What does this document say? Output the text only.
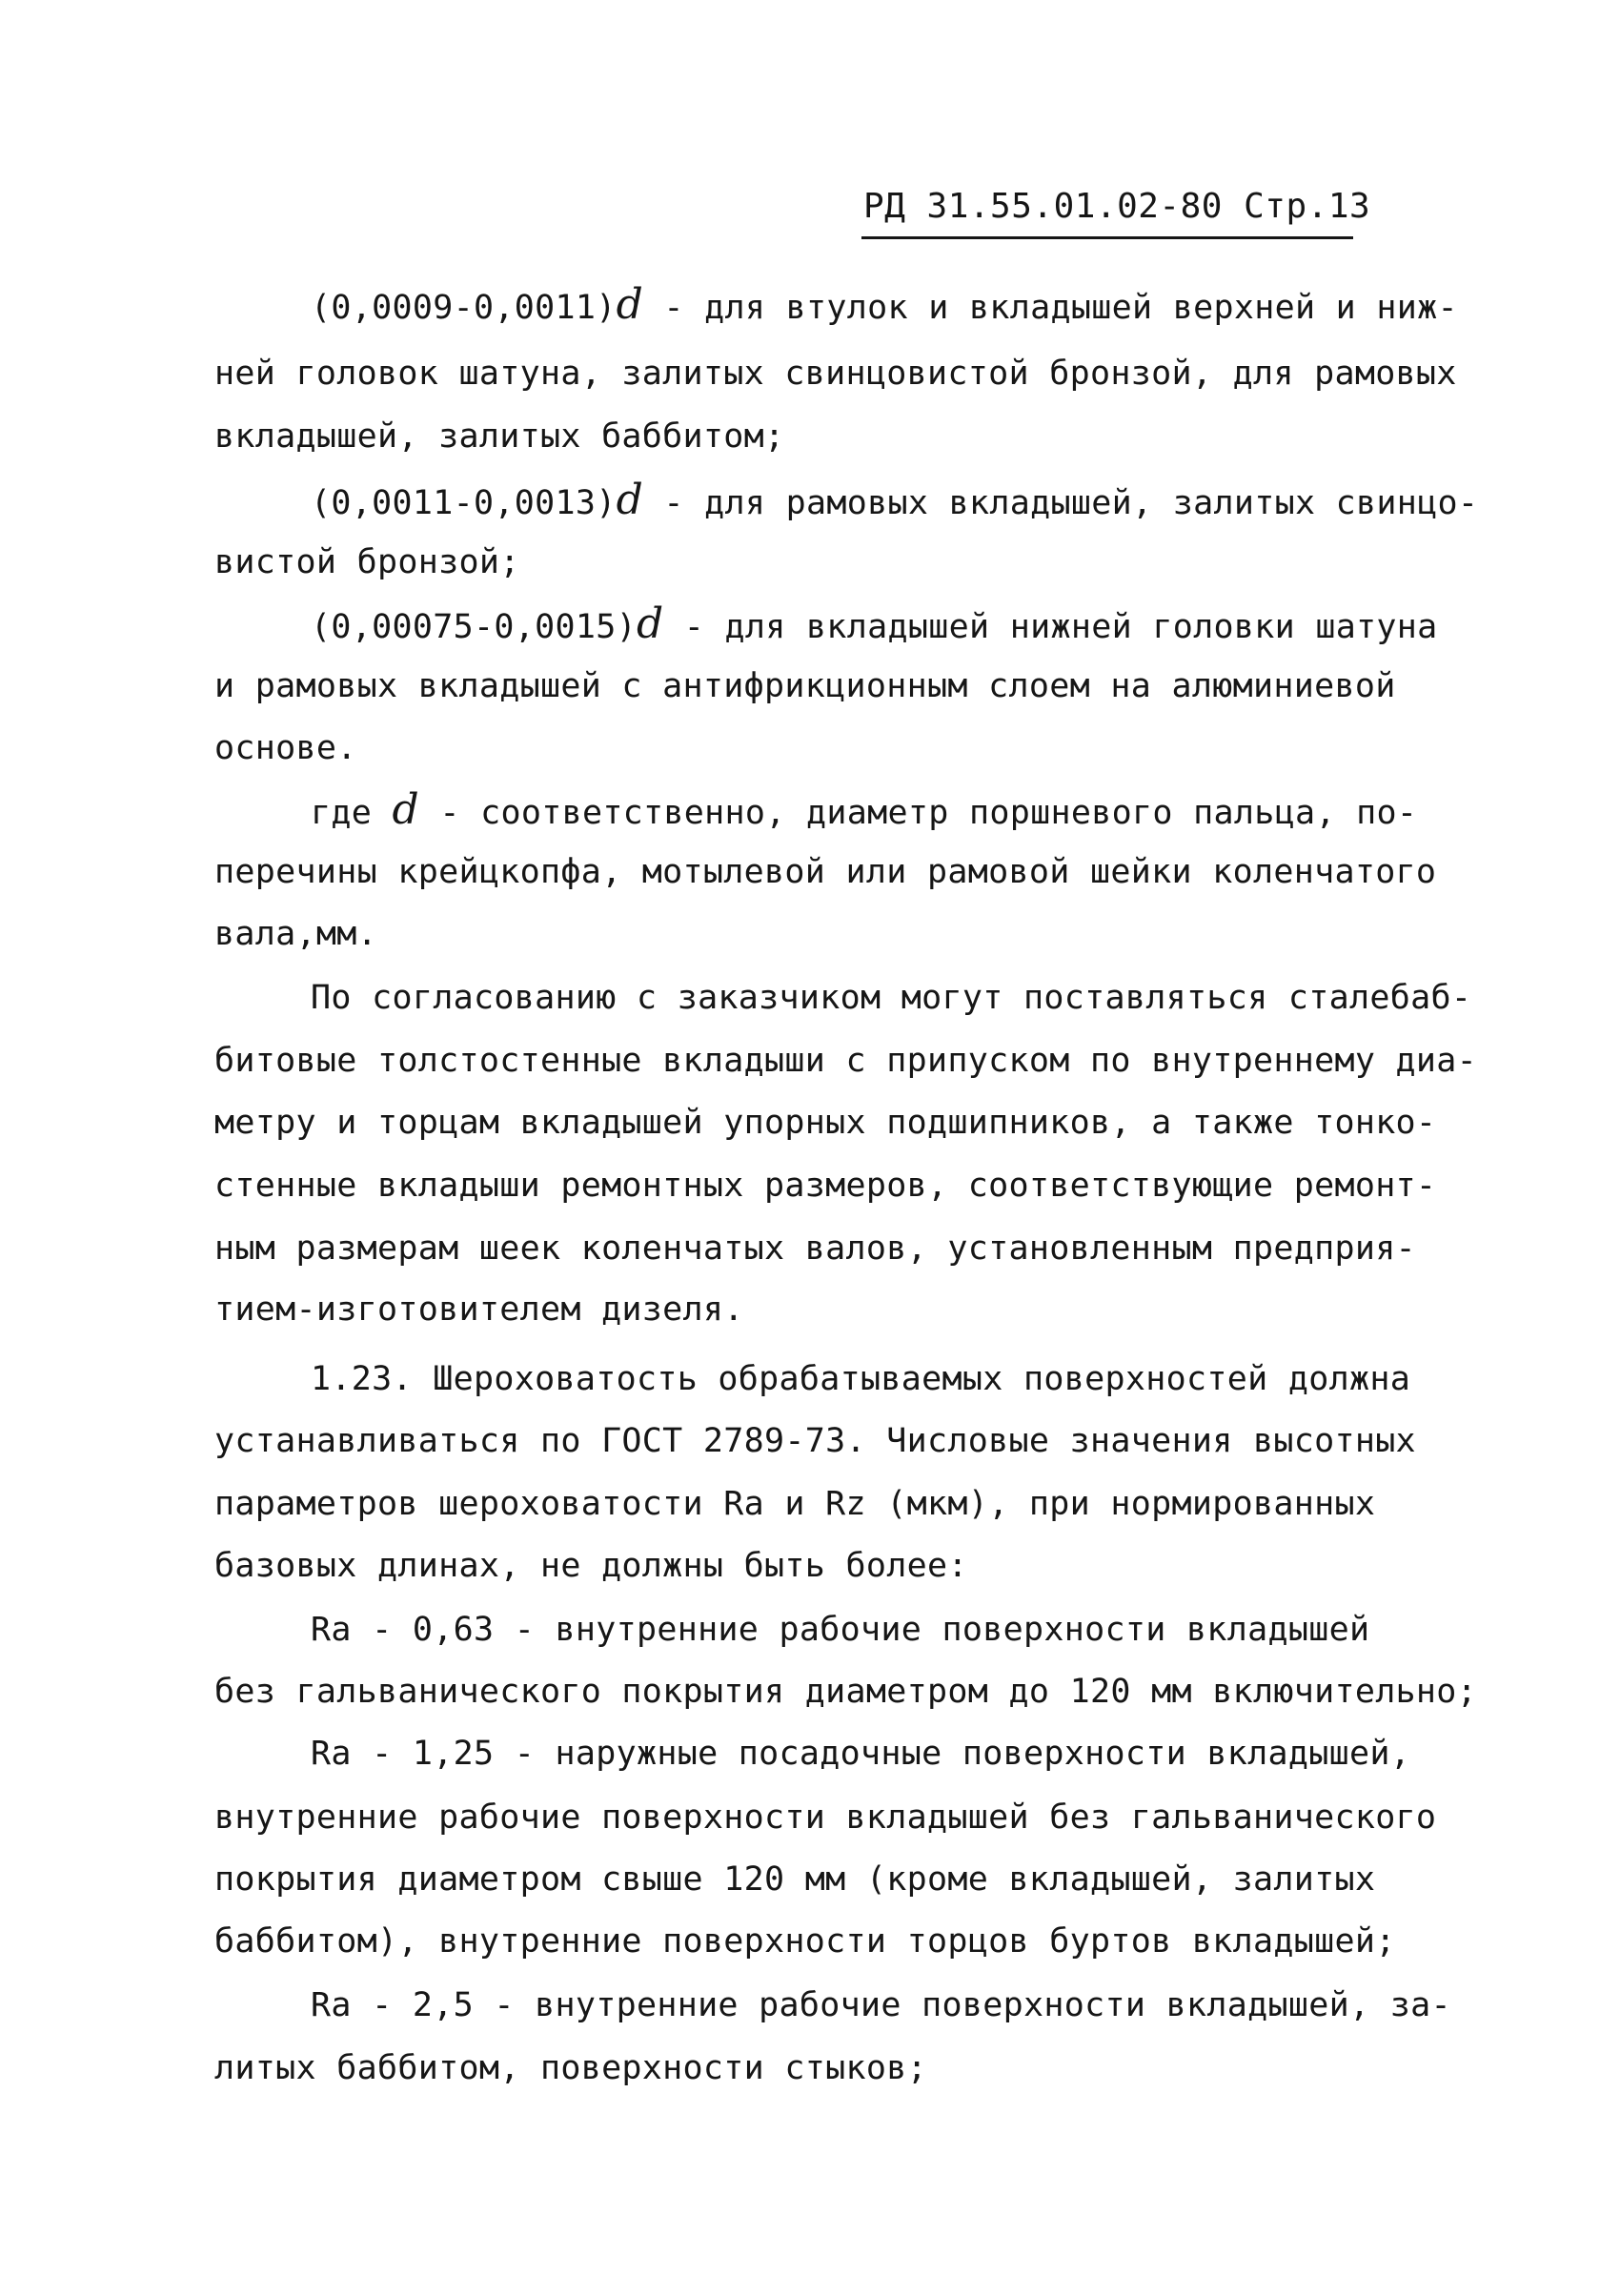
РД 31.55.01.02-80 Стр.13
(0,0009-0,0011)d - для втулок и вкладышей верхней и ниж-
ней головок шатуна, залитых свинцовистой бронзой, для рамовых
вкладышей, залитых баббитом;
(0,0011-0,0013)d - для рамовых вкладышей, залитых свинцо-
вистой бронзой;
(0,00075-0,0015)d - для вкладышей нижней головки шатуна
и рамовых вкладышей с антифрикционным слоем на алюминиевой
основе.
где d - соответственно, диаметр поршневого пальца, по-
перечины крейцкопфа, мотылевой или рамовой шейки коленчатого
вала,мм.
По согласованию с заказчиком могут поставляться сталебаб-
битовые толстостенные вкладыши с припуском по внутреннему диа-
метру и торцам вкладышей упорных подшипников, а также тонко-
стенные вкладыши ремонтных размеров, соответствующие ремонт-
ным размерам шеек коленчатых валов, установленным предприя-
тием-изготовителем дизеля.
1.23. Шероховатость обрабатываемых поверхностей должна
устанавливаться по ГОСТ 2789-73. Числовые значения высотных
параметров шероховатости Ra и Rz (мкм), при нормированных
базовых длинах, не должны быть более:
Ra - 0,63 - внутренние рабочие поверхности вкладышей
без гальванического покрытия диаметром до 120 мм включительно;
Ra - 1,25 - наружные посадочные поверхности вкладышей,
внутренние рабочие поверхности вкладышей без гальванического
покрытия диаметром свыше 120 мм (кроме вкладышей, залитых
баббитом), внутренние поверхности торцов буртов вкладышей;
Ra - 2,5 - внутренние рабочие поверхности вкладышей, за-
литых баббитом, поверхности стыков;
